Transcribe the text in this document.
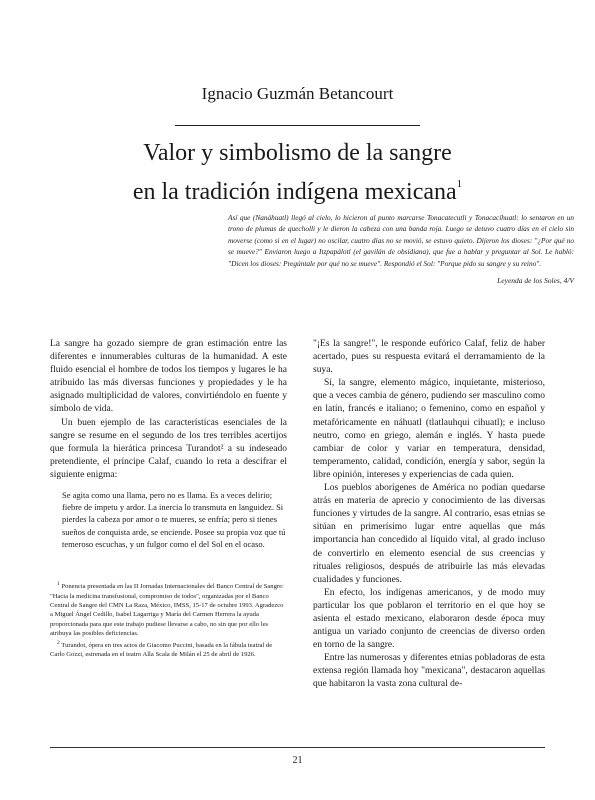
Ignacio Guzmán Betancourt
Valor y simbolismo de la sangre
en la tradición indígena mexicana$^1$
Así que (Nanáhuatl) llegó al cielo, lo hicieron al punto marcarse Tonacatecutli y Tonacacíhuatl: lo sentaron en un trono de plumas de quecholli y le dieron la cabeza con una banda roja. Luego se detuvo cuatro días en el cielo sin moverse (como si en el lugar) no oscilar, cuatro días no se movió, se estuvo quieto. Dijeron los dioses: "¿Por qué no se mueve?" Enviaron luego a Itzpapálotl (el gavilán de obsidiana), que fue a hablar y preguntar al Sol. Le habló: "Dicen los dioses: Pregúntale por qué no se mueve". Respondió el Sol: "Porque pido su sangre y su reino".
Leyenda de los Soles, 4/V

La sangre ha gozado siempre de gran estimación entre las diferentes e innumerables culturas de la humanidad. A este fluido esencial el hombre de todos los tiempos y lugares le ha atribuido las más diversas funciones y propiedades y le ha asignado multiplicidad de valores, convirtiéndolo en fuente y símbolo de vida.

Un buen ejemplo de las características esenciales de la sangre se resume en el segundo de los tres terribles acertijos que formula la hierática princesa Turandot² a su indeseado pretendiente, el príncipe Calaf, cuando lo reta a descifrar el siguiente enigma:

Se agita como una llama, pero no es llama. Es a veces delirio; fiebre de ímpetu y ardor. La inercia lo transmuta en languidez. Si pierdes la cabeza por amor o te mueres, se enfría; pero si tienes sueños de conquista arde, se enciende. Posee su propia voz que tú temeroso escuchas, y un fulgor como el del Sol en el ocaso.

"¡Es la sangre!", le responde eufórico Calaf, feliz de haber acertado, pues su respuesta evitará el derramamiento de la suya.

Sí, la sangre, elemento mágico, inquietante, misterioso, que a veces cambia de género, pudiendo ser masculino como en latín, francés e italiano; o femenino, como en español y metafóricamente en náhuatl (tlatlauhqui cihuatl); e incluso neutro, como en griego, alemán e inglés. Y hasta puede cambiar de color y variar en temperatura, densidad, temperamento, calidad, condición, energía y sabor, según la libre opinión, intereses y experiencias de cada quien.

Los pueblos aborígenes de América no podían quedarse atrás en materia de aprecio y conocimiento de las diversas funciones y virtudes de la sangre. Al contrario, esas etnias se sitúan en primerísimo lugar entre aquellas que más importancia han concedido al líquido vital, al grado incluso de convertirlo en elemento esencial de sus creencias y rituales religiosos, después de atribuirle las más elevadas cualidades y funciones.

En efecto, los indígenas americanos, y de modo muy particular los que poblaron el territorio en el que hoy se asienta el estado mexicano, elaboraron desde época muy antigua un variado conjunto de creencias de diverso orden en torno de la sangre.

Entre las numerosas y diferentes etnias pobladoras de esta extensa región llamada hoy "mexicana", destacaron aquellas que habitaron la vasta zona cultural de-

$^1$ Ponencia presentada en las II Jornadas Internacionales del Banco Central de Sangre: "Hacia la medicina transfusional, compromiso de todos", organizadas por el Banco Central de Sangre del CMN La Raza, México, IMSS, 15-17 de octubre 1993. Agradezco a Miguel Ángel Cedillo, Isabel Lagarriga y María del Carmen Herrera la ayuda proporcionada para que este trabajo pudiese llevarse a cabo, no sin que por ello les atribuya las posibles deficiencias.

$^2$ Turandot, ópera en tres actos de Giacomo Puccini, basada en la fábula teatral de Carlo Gozzi, estrenada en el teatro Alla Scala de Milán el 25 de abril de 1926.

21
